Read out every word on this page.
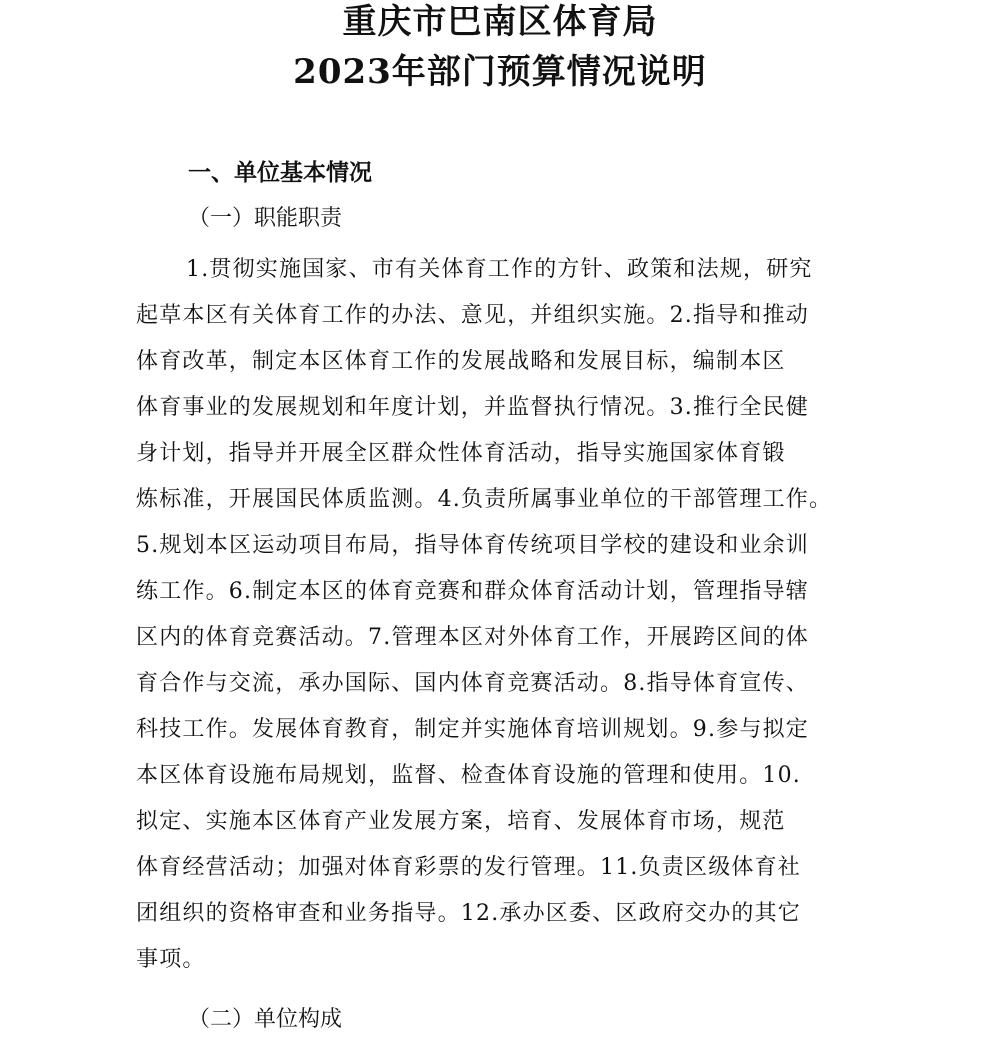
重庆市巴南区体育局
2023年部门预算情况说明
一、单位基本情况
（一）职能职责
1.贯彻实施国家、市有关体育工作的方针、政策和法规，研究
起草本区有关体育工作的办法、意见，并组织实施。2.指导和推动
体育改革，制定本区体育工作的发展战略和发展目标，编制本区
体育事业的发展规划和年度计划，并监督执行情况。3.推行全民健
身计划，指导并开展全区群众性体育活动，指导实施国家体育锻
炼标准，开展国民体质监测。4.负责所属事业单位的干部管理工作。
5.规划本区运动项目布局，指导体育传统项目学校的建设和业余训
练工作。6.制定本区的体育竞赛和群众体育活动计划，管理指导辖
区内的体育竞赛活动。7.管理本区对外体育工作，开展跨区间的体
育合作与交流，承办国际、国内体育竞赛活动。8.指导体育宣传、
科技工作。发展体育教育，制定并实施体育培训规划。9.参与拟定
本区体育设施布局规划，监督、检查体育设施的管理和使用。10.
拟定、实施本区体育产业发展方案，培育、发展体育市场，规范
体育经营活动；加强对体育彩票的发行管理。11.负责区级体育社
团组织的资格审查和业务指导。12.承办区委、区政府交办的其它
事项。
（二）单位构成
